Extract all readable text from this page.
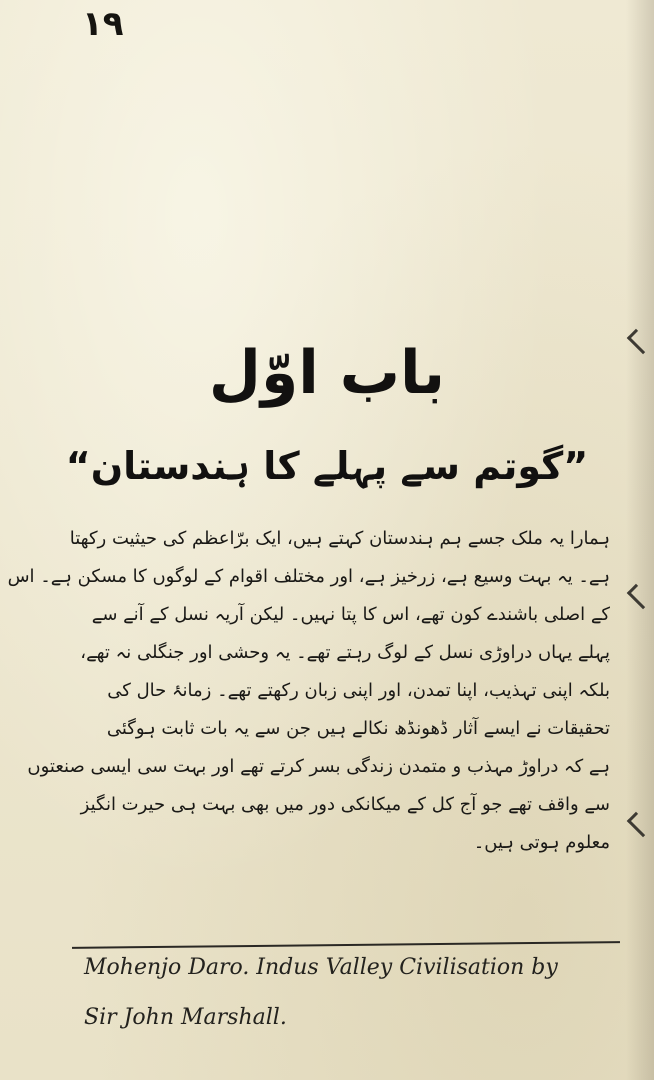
١٩
باب اوّل
”گوتم سے پہلے کا ہندستان“
ہمارا یہ ملک جسے ہم ہندستان کہتے ہیں، ایک برّاعظم کی حیثیت رکھتا
ہے۔ یہ بہت وسیع ہے، زرخیز ہے، اور مختلف اقوام کے لوگوں کا مسکن ہے۔ اس
کے اصلی باشندے کون تھے، اس کا پتا نہیں۔ لیکن آریہ نسل کے آنے سے
پہلے یہاں دراوڑی نسل کے لوگ رہتے تھے۔ یہ وحشی اور جنگلی نہ تھے،
بلکہ اپنی تہذیب، اپنا تمدن، اور اپنی زبان رکھتے تھے۔ زمانۂ حال کی
تحقیقات نے ایسے آثار ڈھونڈھ نکالے ہیں جن سے یہ بات ثابت ہوگئی
ہے کہ دراوڑ مہذب و متمدن زندگی بسر کرتے تھے اور بہت سی ایسی صنعتوں
سے واقف تھے جو آج کل کے میکانکی دور میں بھی بہت ہی حیرت انگیز
معلوم ہوتی ہیں۔
Mohenjo Daro. Indus Valley Civilisation by
Sir John Marshall.
